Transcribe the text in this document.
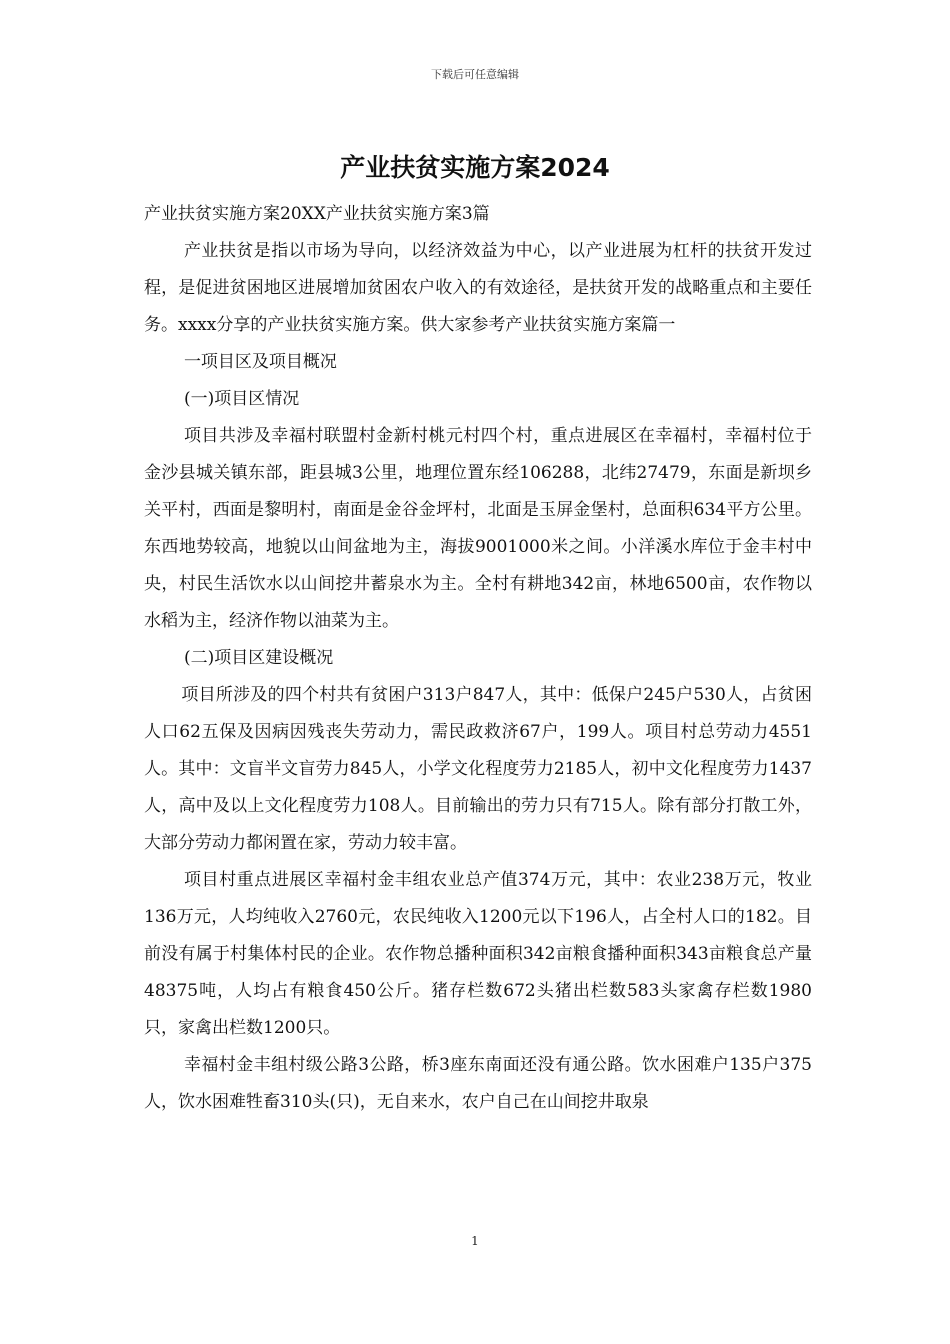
下载后可任意编辑
产业扶贫实施方案2024

产业扶贫实施方案20XX产业扶贫实施方案3篇

产业扶贫是指以市场为导向，以经济效益为中心，以产业进展为杠杆的扶贫开发过程，是促进贫困地区进展增加贫困农户收入的有效途径，是扶贫开发的战略重点和主要任务。xxxx分享的产业扶贫实施方案。供大家参考产业扶贫实施方案篇一

一项目区及项目概况

(一)项目区情况

项目共涉及幸福村联盟村金新村桃元村四个村，重点进展区在幸福村，幸福村位于金沙县城关镇东部，距县城3公里，地理位置东经106288，北纬27479，东面是新坝乡关平村，西面是黎明村，南面是金谷金坪村，北面是玉屏金堡村，总面积634平方公里。东西地势较高，地貌以山间盆地为主，海拔9001000米之间。小洋溪水库位于金丰村中央，村民生活饮水以山间挖井蓄泉水为主。全村有耕地342亩，林地6500亩，农作物以水稻为主，经济作物以油菜为主。

(二)项目区建设概况

项目所涉及的四个村共有贫困户313户847人，其中：低保户245户530人，占贫困人口62五保及因病因残丧失劳动力，需民政救济67户，199人。项目村总劳动力4551人。其中：文盲半文盲劳力845人，小学文化程度劳力2185人，初中文化程度劳力1437人，高中及以上文化程度劳力108人。目前输出的劳力只有715人。除有部分打散工外，大部分劳动力都闲置在家，劳动力较丰富。

项目村重点进展区幸福村金丰组农业总产值374万元，其中：农业238万元，牧业136万元，人均纯收入2760元，农民纯收入1200元以下196人，占全村人口的182。目前没有属于村集体村民的企业。农作物总播种面积342亩粮食播种面积343亩粮食总产量48375吨，人均占有粮食450公斤。猪存栏数672头猪出栏数583头家禽存栏数1980只，家禽出栏数1200只。

幸福村金丰组村级公路3公路，桥3座东南面还没有通公路。饮水困难户135户375人，饮水困难牲畜310头(只)，无自来水，农户自己在山间挖井取泉

1
